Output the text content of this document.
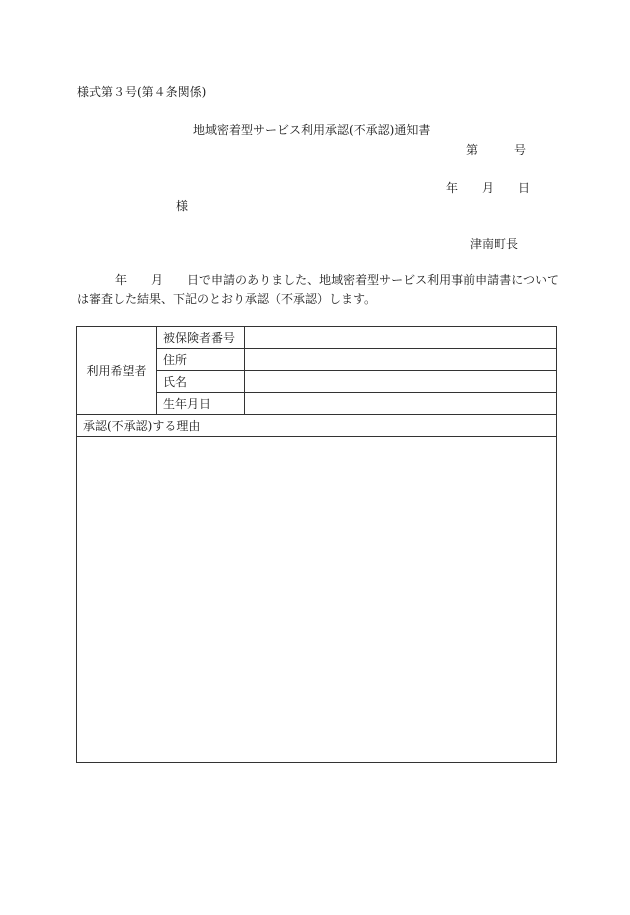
様式第３号(第４条関係)
地域密着型サービス利用承認(不承認)通知書
第	号
年 月 日
様
津南町長
年 月 日で申請のありました、地域密着型サービス利用事前申請書については審査した結果、下記のとおり承認（不承認）します。
利用希望者	被保険者番号	
	住所	
	氏名	
	生年月日	
承認(不承認)する理由		
